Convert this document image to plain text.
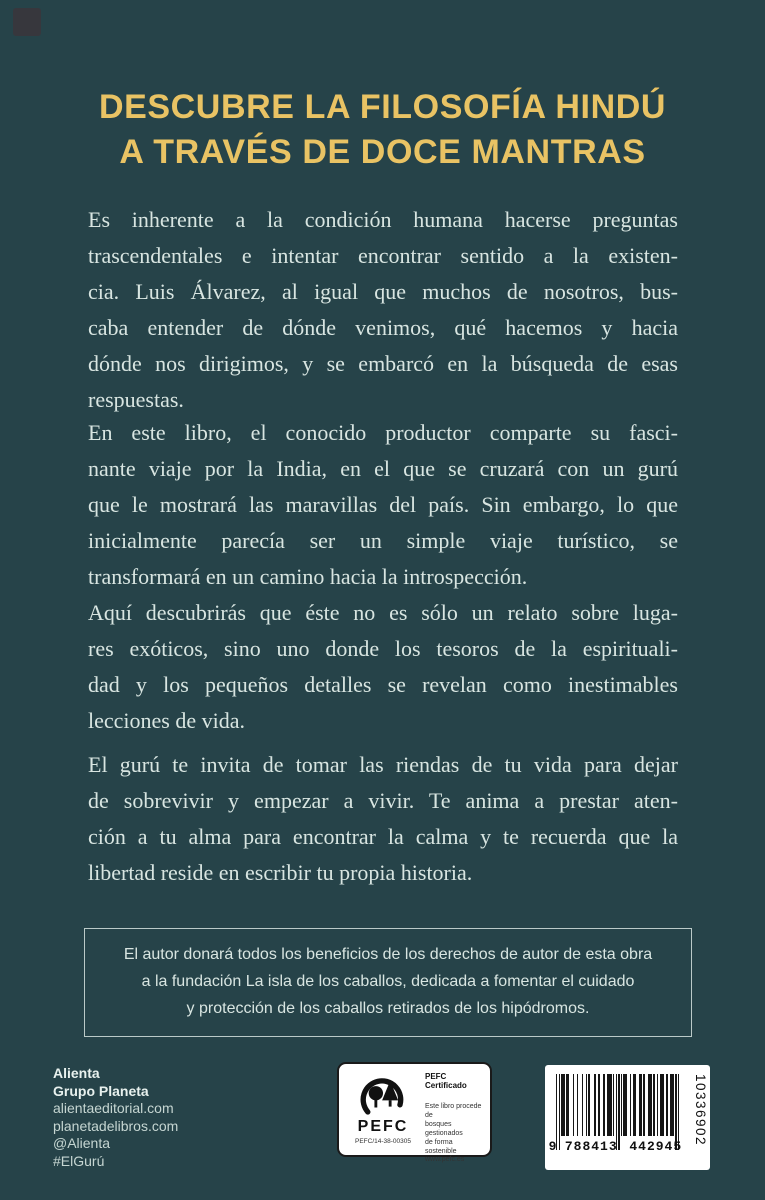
DESCUBRE LA FILOSOFÍA HINDÚ
A TRAVÉS DE DOCE MANTRAS
Es inherente a la condición humana hacerse preguntas
trascendentales e intentar encontrar sentido a la existen-
cia. Luis Álvarez, al igual que muchos de nosotros, bus-
caba entender de dónde venimos, qué hacemos y hacia
dónde nos dirigimos, y se embarcó en la búsqueda de esas
respuestas.
En este libro, el conocido productor comparte su fasci-
nante viaje por la India, en el que se cruzará con un gurú
que le mostrará las maravillas del país. Sin embargo, lo que
inicialmente parecía ser un simple viaje turístico, se
transformará en un camino hacia la introspección.
Aquí descubrirás que éste no es sólo un relato sobre luga-
res exóticos, sino uno donde los tesoros de la espirituali-
dad y los pequeños detalles se revelan como inestimables
lecciones de vida.
El gurú te invita de tomar las riendas de tu vida para dejar
de sobrevivir y empezar a vivir. Te anima a prestar aten-
ción a tu alma para encontrar la calma y te recuerda que la
libertad reside en escribir tu propia historia.
El autor donará todos los beneficios de los derechos de autor de esta obra
a la fundación La isla de los caballos, dedicada a fomentar el cuidado
y protección de los caballos retirados de los hipódromos.
Alienta
Grupo Planeta
alientaeditorial.com
planetadelibros.com
@Alienta
#ElGurú
PEFC
PEFC/14-38-00305
PEFC Certificado
Este libro procede de
bosques gestionados
de forma sostenible
www.pefc.es
9 788413 442945
10336902
